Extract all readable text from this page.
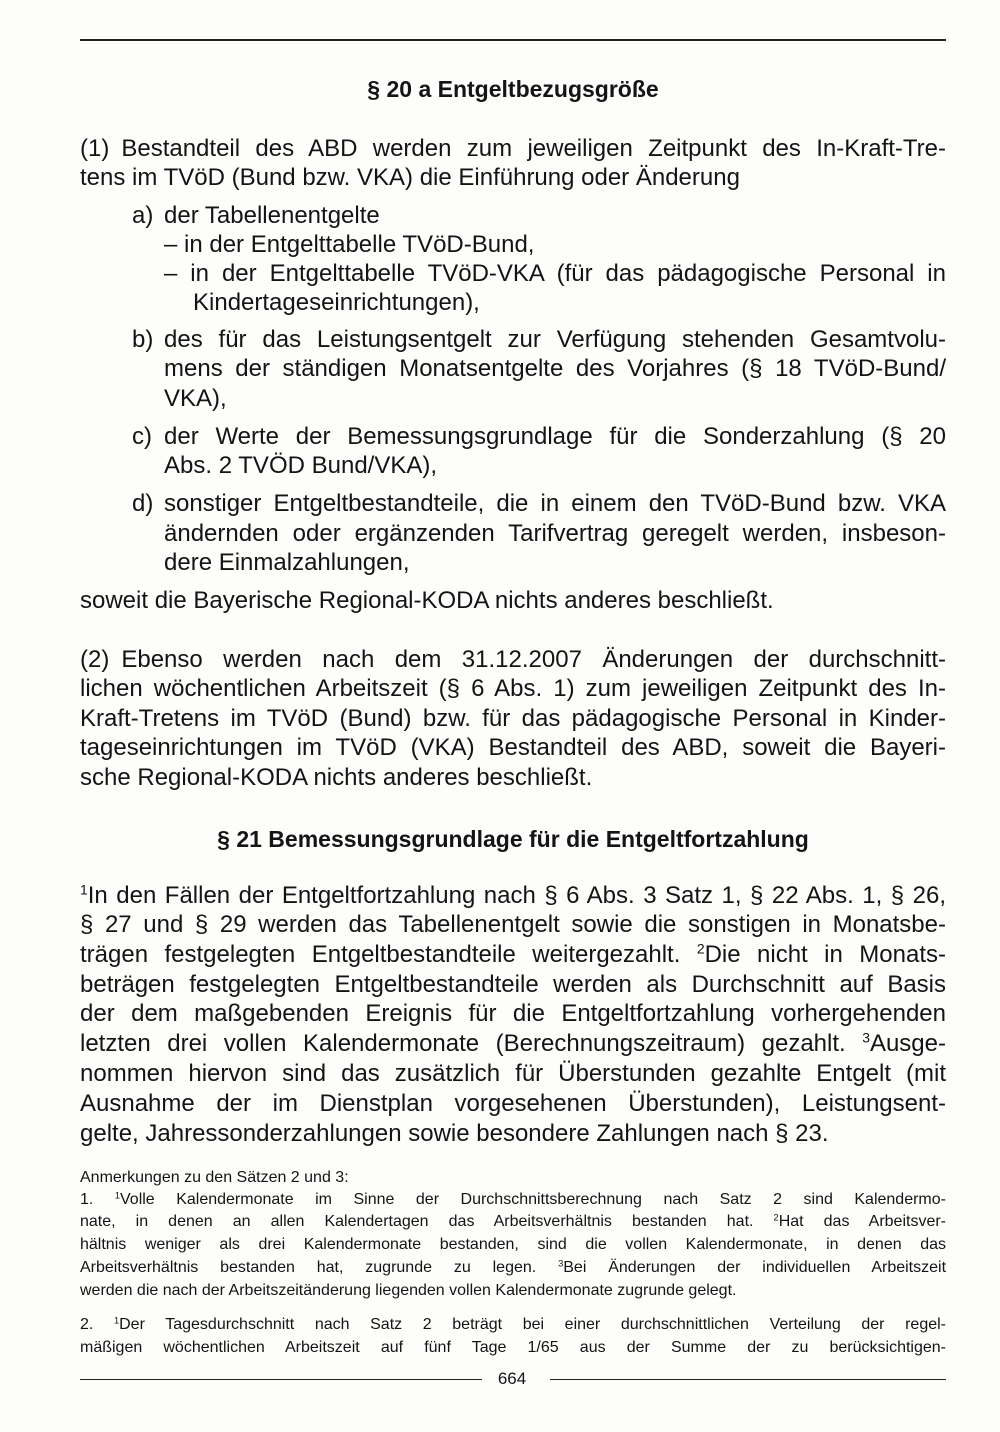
§ 20 a Entgeltbezugsgröße
(1) Bestandteil des ABD werden zum jeweiligen Zeitpunkt des In-Kraft-Tre-
tens im TVöD (Bund bzw. VKA) die Einführung oder Änderung
a) der Tabellenentgelte
– in der Entgelttabelle TVöD-Bund,
– in der Entgelttabelle TVöD-VKA (für das pädagogische Personal in
Kindertageseinrichtungen),
b) des für das Leistungsentgelt zur Verfügung stehenden Gesamtvolu-
mens der ständigen Monatsentgelte des Vorjahres (§ 18 TVöD-Bund/
VKA),
c) der Werte der Bemessungsgrundlage für die Sonderzahlung (§ 20
Abs. 2 TVÖD Bund/VKA),
d) sonstiger Entgeltbestandteile, die in einem den TVöD-Bund bzw. VKA
ändernden oder ergänzenden Tarifvertrag geregelt werden, insbeson-
dere Einmalzahlungen,
soweit die Bayerische Regional-KODA nichts anderes beschließt.
(2) Ebenso werden nach dem 31.12.2007 Änderungen der durchschnitt-
lichen wöchentlichen Arbeitszeit (§ 6 Abs. 1) zum jeweiligen Zeitpunkt des In-
Kraft-Tretens im TVöD (Bund) bzw. für das pädagogische Personal in Kinder-
tageseinrichtungen im TVöD (VKA) Bestandteil des ABD, soweit die Bayeri-
sche Regional-KODA nichts anderes beschließt.
§ 21 Bemessungsgrundlage für die Entgeltfortzahlung
$^1$In den Fällen der Entgeltfortzahlung nach § 6 Abs. 3 Satz 1, § 22 Abs. 1, § 26,
§ 27 und § 29 werden das Tabellenentgelt sowie die sonstigen in Monatsbe-
trägen festgelegten Entgeltbestandteile weitergezahlt. $^2$Die nicht in Monats-
beträgen festgelegten Entgeltbestandteile werden als Durchschnitt auf Basis
der dem maßgebenden Ereignis für die Entgeltfortzahlung vorhergehenden
letzten drei vollen Kalendermonate (Berechnungszeitraum) gezahlt. $^3$Ausge-
nommen hiervon sind das zusätzlich für Überstunden gezahlte Entgelt (mit
Ausnahme der im Dienstplan vorgesehenen Überstunden), Leistungsent-
gelte, Jahressonderzahlungen sowie besondere Zahlungen nach § 23.
Anmerkungen zu den Sätzen 2 und 3:
1. $^1$Volle Kalendermonate im Sinne der Durchschnittsberechnung nach Satz 2 sind Kalendermo-
nate, in denen an allen Kalendertagen das Arbeitsverhältnis bestanden hat. $^2$Hat das Arbeitsver-
hältnis weniger als drei Kalendermonate bestanden, sind die vollen Kalendermonate, in denen das
Arbeitsverhältnis bestanden hat, zugrunde zu legen. $^3$Bei Änderungen der individuellen Arbeitszeit
werden die nach der Arbeitszeitänderung liegenden vollen Kalendermonate zugrunde gelegt.
2. $^1$Der Tagesdurchschnitt nach Satz 2 beträgt bei einer durchschnittlichen Verteilung der regel-
mäßigen wöchentlichen Arbeitszeit auf fünf Tage 1/65 aus der Summe der zu berücksichtigen-
664
